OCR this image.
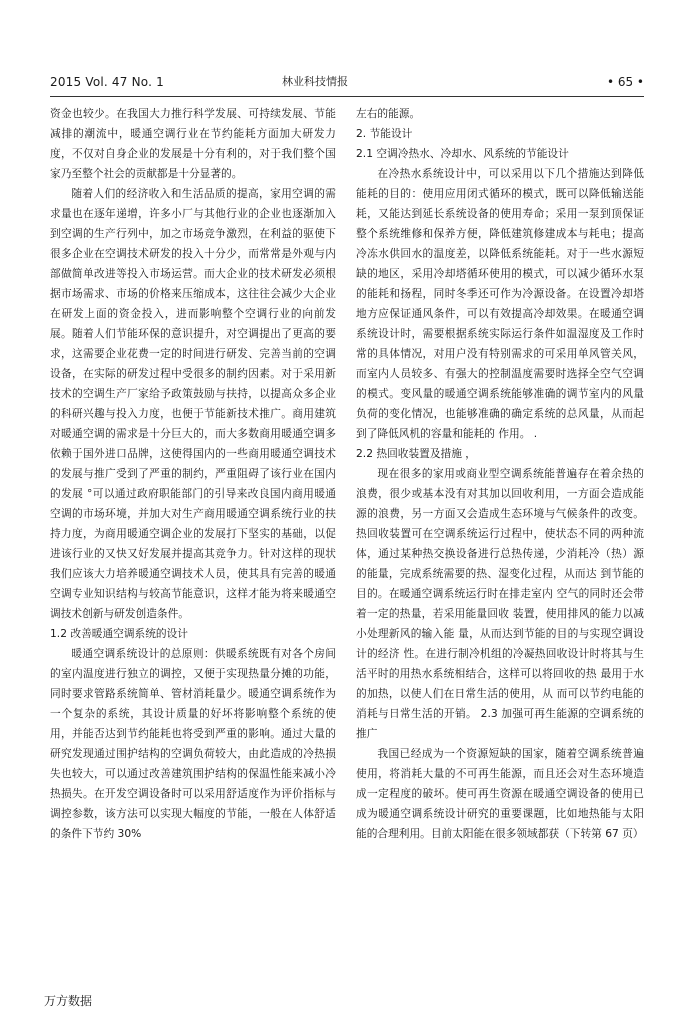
2015 Vol. 47 No. 1	林业科技情报	• 65 •

资金也较少。在我国大力推行科学发展、可持续发展、节能减排的潮流中，暖通空调行业在节约能耗方面加大研发力度，不仅对自身企业的发展是十分有利的，对于我们整个国家乃至整个社会的贡献都是十分显著的。

随着人们的经济收入和生活品质的提高，家用空调的需求量也在逐年递增，许多小厂与其他行业的企业也逐渐加入到空调的生产行列中，加之市场竞争激烈，在利益的驱使下很多企业在空调技术研发的投入十分少，而常常是外观与内部做简单改进等投入市场运营。而大企业的技术研发必须根据市场需求、市场的价格来压缩成本，这往往会减少大企业在研发上面的资金投入，进而影响整个空调行业的向前发展。随着人们节能环保的意识提升，对空调提出了更高的要求，这需要企业花费一定的时间进行研发、完善当前的空调设备，在实际的研发过程中受很多的制约因素。对于采用新技术的空调生产厂家给予政策鼓励与扶持，以提高众多企业的科研兴趣与投入力度，也便于节能新技术推广。商用建筑对暖通空调的需求是十分巨大的，而大多数商用暖通空调多依赖于国外进口品牌，这使得国内的一些商用暖通空调技术的发展与推广受到了严重的制约，严重阻碍了该行业在国内的发展 °可以通过政府职能部门的引导来改良国内商用暖通空调的市场环境，并加大对生产商用暖通空调系统行业的扶持力度，为商用暖通空调企业的发展打下坚实的基础，以促进该行业的又快又好发展并提高其竞争力。针对这样的现状我们应该大力培养暖通空调技术人员，使其具有完善的暖通空调专业知识结构与较高节能意识，这样才能为将来暖通空调技术创新与研发创造条件。

1.2 改善暖通空调系统的设计

暖通空调系统设计的总原则：供暖系统既有对各个房间的室内温度进行独立的调控，又便于实现热量分摊的功能，同时要求管路系统简单、管材消耗量少。暖通空调系统作为一个复杂的系统，其设计质量的好坏将影响整个系统的使用，并能否达到节约能耗也将受到严重的影响。通过大量的研究发现通过围护结构的空调负荷较大，由此造成的冷热损失也较大，可以通过改善建筑围护结构的保温性能来减小冷热损失。在开发空调设备时可以采用舒适度作为评价指标与调控参数，该方法可以实现大幅度的节能，一般在人体舒适的条件下节约 30%

左右的能源。

2. 节能设计

2.1 空调冷热水、冷却水、风系统的节能设计

在冷热水系统设计中，可以采用以下几个措施达到降低能耗的目的：使用应用闭式循环的模式，既可以降低输送能耗，又能达到延长系统设备的使用寿命；采用一泵到顶保证整个系统维修和保养方便，降低建筑修建成本与耗电；提高冷冻水供回水的温度差，以降低系统能耗。对于一些水源短缺的地区，采用冷却塔循环使用的模式，可以减少循环水泵的能耗和扬程，同时冬季还可作为冷源设备。在设置冷却塔地方应保证通风条件，可以有效提高冷却效果。在暖通空调系统设计时，需要根据系统实际运行条件如温湿度及工作时常的具体情况，对用户没有特别需求的可采用单风管关风，而室内人员较多、有强大的控制温度需要时选择全空气空调的模式。变风量的暖通空调系统能够准确的调节室内的风量负荷的变化情况，也能够准确的确定系统的总风量，从而起到了降低风机的容量和能耗的 作用。 .

2.2 热回收装置及措施 ，

现在很多的家用或商业型空调系统能普遍存在着余热的浪费，很少或基本没有对其加以回收利用，一方面会造成能源的浪费，另一方面又会造成生态环境与气候条件的改变。热回收装置可在空调系统运行过程中，使状态不同的两种流体，通过某种热交换设备进行总热传递，少消耗冷（热）源 的能量，完成系统需要的热、湿变化过程，从而达 到节能的目的。在暖通空调系统运行时在排走室内 空气的同时还会带着一定的热量，若采用能量回收 装置，使用排风的能力以减小处理新风的输入能 量，从而达到节能的目的与实现空调设计的经济 性。在进行制冷机组的冷凝热回收设计时将其与生 活平时的用热水系统相结合，这样可以将回收的热 最用于水的加热，以使人们在日常生活的使用，从 而可以节约电能的消耗与日常生活的开销。 2.3 加强可再生能源的空调系统的推广

我国已经成为一个资源短缺的国家，随着空调系统普遍使用，将消耗大量的不可再生能源，而且还会对生态环境造成一定程度的破坏。使可再生资源在暖通空调设备的使用已成为暖通空调系统设计研究的重要课题，比如地热能与太阳能的合理利用。目前太阳能在很多领域都获（下转第 67 页）

万方数据
